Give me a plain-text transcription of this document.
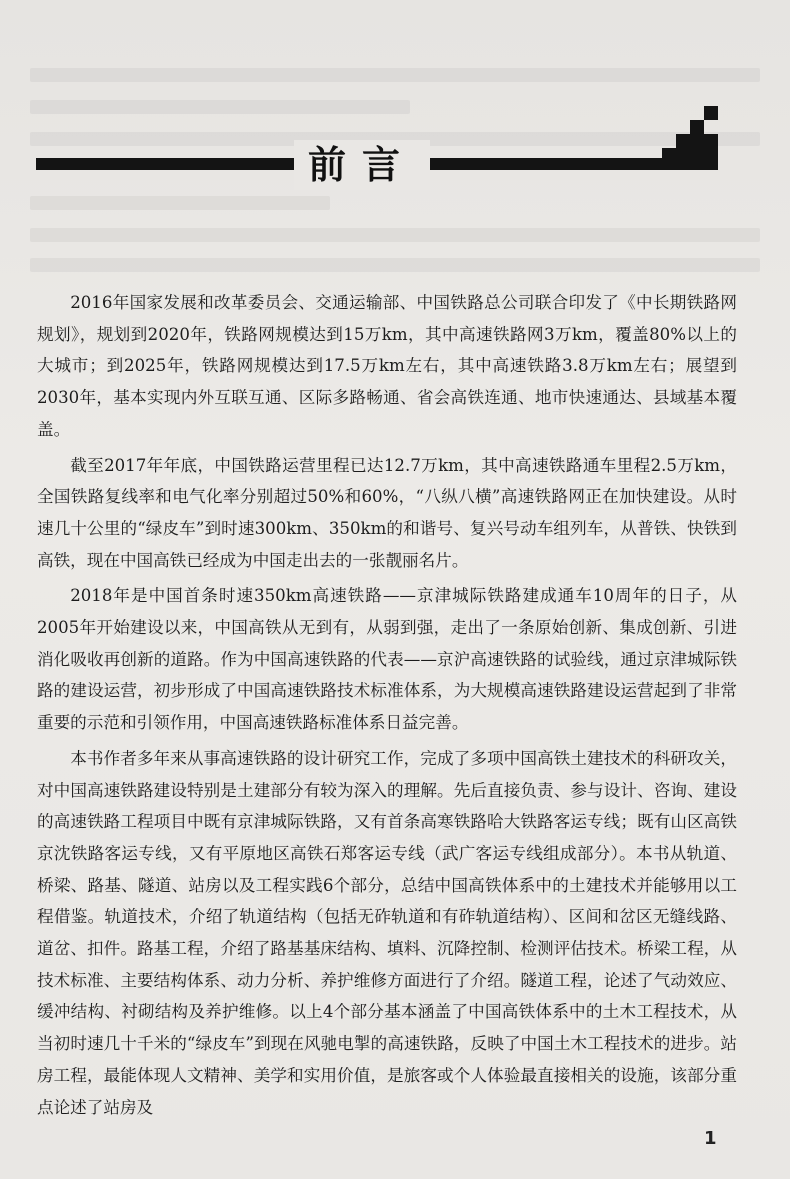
前言

2016年国家发展和改革委员会、交通运输部、中国铁路总公司联合印发了《中长期铁路网规划》，规划到2020年，铁路网规模达到15万km，其中高速铁路网3万km，覆盖80%以上的大城市；到2025年，铁路网规模达到17.5万km左右，其中高速铁路3.8万km左右；展望到2030年，基本实现内外互联互通、区际多路畅通、省会高铁连通、地市快速通达、县域基本覆盖。

截至2017年年底，中国铁路运营里程已达12.7万km，其中高速铁路通车里程2.5万km，全国铁路复线率和电气化率分别超过50%和60%，“八纵八横”高速铁路网正在加快建设。从时速几十公里的“绿皮车”到时速300km、350km的和谐号、复兴号动车组列车，从普铁、快铁到高铁，现在中国高铁已经成为中国走出去的一张靓丽名片。

2018年是中国首条时速350km高速铁路——京津城际铁路建成通车10周年的日子，从2005年开始建设以来，中国高铁从无到有，从弱到强，走出了一条原始创新、集成创新、引进消化吸收再创新的道路。作为中国高速铁路的代表——京沪高速铁路的试验线，通过京津城际铁路的建设运营，初步形成了中国高速铁路技术标准体系，为大规模高速铁路建设运营起到了非常重要的示范和引领作用，中国高速铁路标准体系日益完善。

本书作者多年来从事高速铁路的设计研究工作，完成了多项中国高铁土建技术的科研攻关，对中国高速铁路建设特别是土建部分有较为深入的理解。先后直接负责、参与设计、咨询、建设的高速铁路工程项目中既有京津城际铁路，又有首条高寒铁路哈大铁路客运专线；既有山区高铁京沈铁路客运专线，又有平原地区高铁石郑客运专线（武广客运专线组成部分）。本书从轨道、桥梁、路基、隧道、站房以及工程实践6个部分，总结中国高铁体系中的土建技术并能够用以工程借鉴。轨道技术，介绍了轨道结构（包括无砟轨道和有砟轨道结构）、区间和岔区无缝线路、道岔、扣件。路基工程，介绍了路基基床结构、填料、沉降控制、检测评估技术。桥梁工程，从技术标准、主要结构体系、动力分析、养护维修方面进行了介绍。隧道工程，论述了气动效应、缓冲结构、衬砌结构及养护维修。以上4个部分基本涵盖了中国高铁体系中的土木工程技术，从当初时速几十千米的“绿皮车”到现在风驰电掣的高速铁路，反映了中国土木工程技术的进步。站房工程，最能体现人文精神、美学和实用价值，是旅客或个人体验最直接相关的设施，该部分重点论述了站房及

1
